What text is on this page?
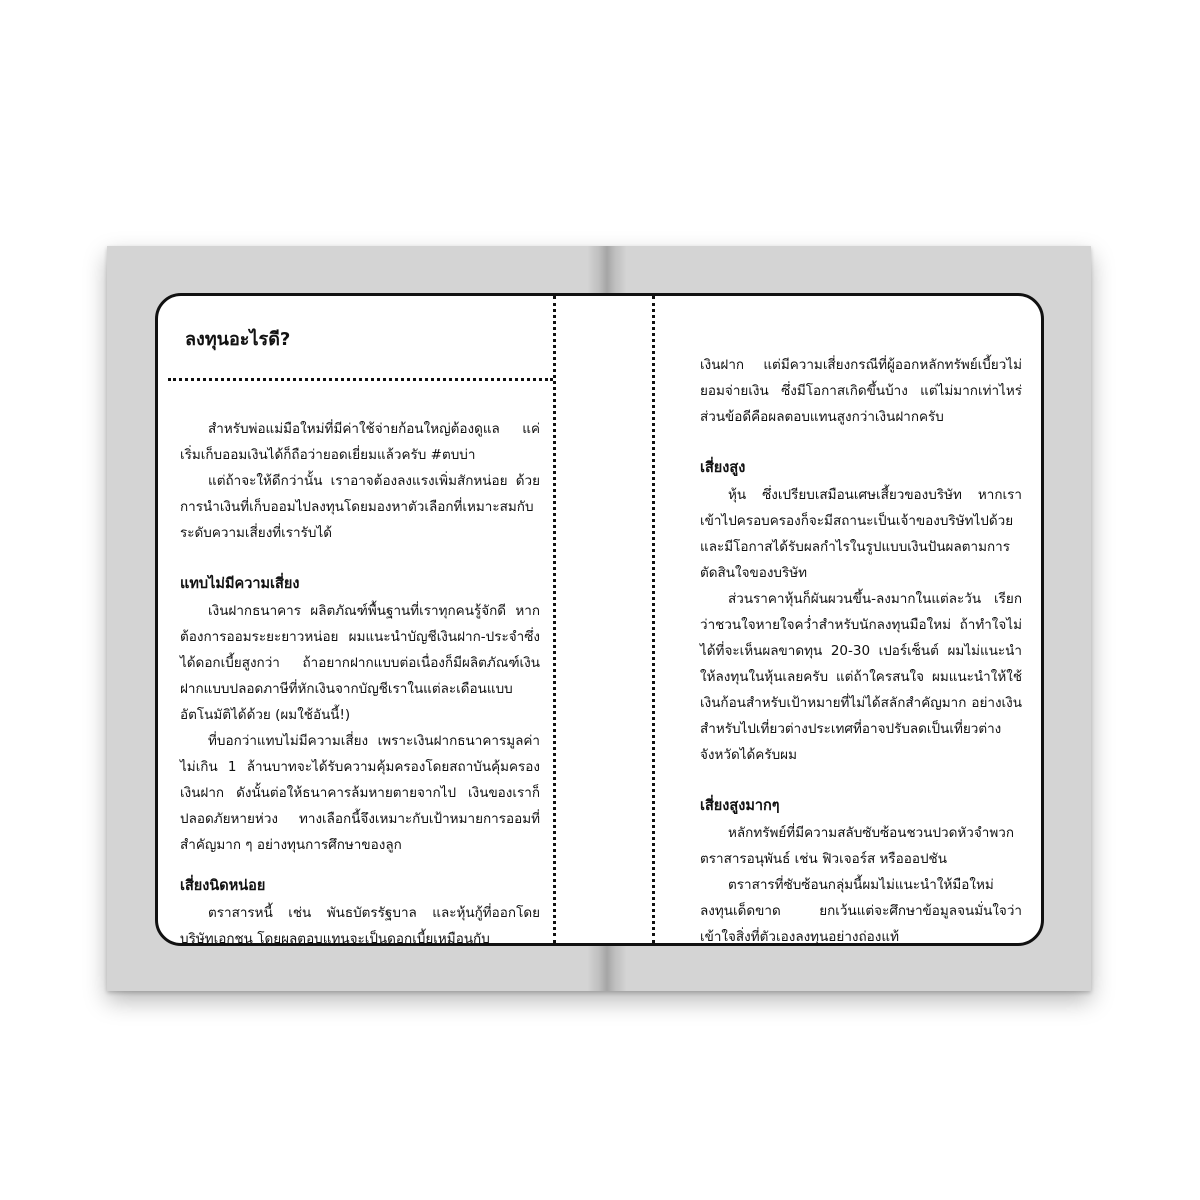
ลงทุนอะไรดี?

สำหรับพ่อแม่มือใหม่ที่มีค่าใช้จ่ายก้อนใหญ่ต้องดูแล แค่เริ่มเก็บออมเงินได้ก็ถือว่ายอดเยี่ยมแล้วครับ #ตบบ่า

แต่ถ้าจะให้ดีกว่านั้น เราอาจต้องลงแรงเพิ่มสักหน่อย ด้วยการนำเงินที่เก็บออมไปลงทุนโดยมองหาตัวเลือกที่เหมาะสมกับระดับความเสี่ยงที่เรารับได้

แทบไม่มีความเสี่ยง

เงินฝากธนาคาร ผลิตภัณฑ์พื้นฐานที่เราทุกคนรู้จักดี หากต้องการออมระยะยาวหน่อย ผมแนะนำบัญชีเงินฝาก-ประจำซึ่งได้ดอกเบี้ยสูงกว่า ถ้าอยากฝากแบบต่อเนื่องก็มีผลิตภัณฑ์เงินฝากแบบปลอดภาษีที่หักเงินจากบัญชีเราในแต่ละเดือนแบบอัตโนมัติได้ด้วย (ผมใช้อันนี้!)

ที่บอกว่าแทบไม่มีความเสี่ยง เพราะเงินฝากธนาคารมูลค่าไม่เกิน 1 ล้านบาทจะได้รับความคุ้มครองโดยสถาบันคุ้มครองเงินฝาก ดังนั้นต่อให้ธนาคารล้มหายตายจากไป เงินของเราก็ปลอดภัยหายห่วง ทางเลือกนี้จึงเหมาะกับเป้าหมายการออมที่สำคัญมาก ๆ อย่างทุนการศึกษาของลูก

เสี่ยงนิดหน่อย

ตราสารหนี้ เช่น พันธบัตรรัฐบาล และหุ้นกู้ที่ออกโดยบริษัทเอกชน โดยผลตอบแทนจะเป็นดอกเบี้ยเหมือนกับ

เงินฝาก แต่มีความเสี่ยงกรณีที่ผู้ออกหลักทรัพย์เบี้ยวไม่ยอมจ่ายเงิน ซึ่งมีโอกาสเกิดขึ้นบ้าง แต่ไม่มากเท่าไหร่ ส่วนข้อดีคือผลตอบแทนสูงกว่าเงินฝากครับ

เสี่ยงสูง

หุ้น ซึ่งเปรียบเสมือนเศษเสี้ยวของบริษัท หากเราเข้าไปครอบครองก็จะมีสถานะเป็นเจ้าของบริษัทไปด้วย และมีโอกาสได้รับผลกำไรในรูปแบบเงินปันผลตามการตัดสินใจของบริษัท

ส่วนราคาหุ้นก็ผันผวนขึ้น-ลงมากในแต่ละวัน เรียกว่าชวนใจหายใจคว่ำสำหรับนักลงทุนมือใหม่ ถ้าทำใจไม่ได้ที่จะเห็นผลขาดทุน 20-30 เปอร์เซ็นต์ ผมไม่แนะนำให้ลงทุนในหุ้นเลยครับ แต่ถ้าใครสนใจ ผมแนะนำให้ใช้เงินก้อนสำหรับเป้าหมายที่ไม่ได้สลักสำคัญมาก อย่างเงินสำหรับไปเที่ยวต่างประเทศที่อาจปรับลดเป็นเที่ยวต่างจังหวัดได้ครับผม

เสี่ยงสูงมากๆ

หลักทรัพย์ที่มีความสลับซับซ้อนชวนปวดหัวจำพวกตราสารอนุพันธ์ เช่น ฟิวเจอร์ส หรือออปชัน

ตราสารที่ซับซ้อนกลุ่มนี้ผมไม่แนะนำให้มือใหม่ลงทุนเด็ดขาด ยกเว้นแต่จะศึกษาข้อมูลจนมั่นใจว่าเข้าใจสิ่งที่ตัวเองลงทุนอย่างถ่องแท้
